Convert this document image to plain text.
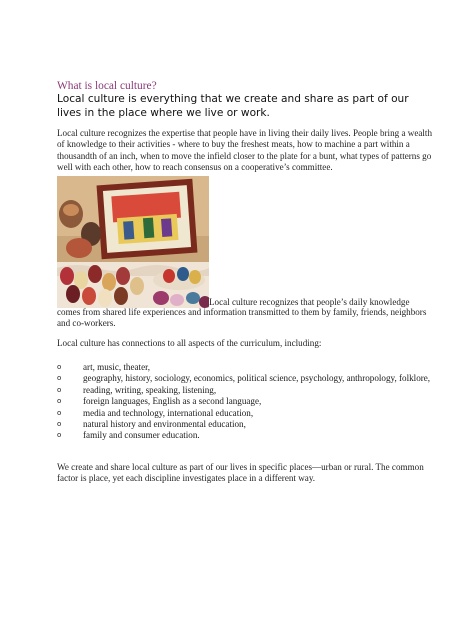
What is local culture?
Local culture is everything that we create and share as part of our lives in the place where we live or work.
Local culture recognizes the expertise that people have in living their daily lives. People bring a wealth of knowledge to their activities - where to buy the freshest meats, how to machine a part within a thousandth of an inch, when to move the infield closer to the plate for a bunt, what types of patterns go well with each other, how to reach consensus on a cooperative’s committee.
Local culture recognizes that people’s daily knowledge
comes from shared life experiences and information transmitted to them by family, friends, neighbors and co-workers.
Local culture has connections to all aspects of the curriculum, including:
o art, music, theater,
o geography, history, sociology, economics, political science, psychology, anthropology, folklore,
o reading, writing, speaking, listening,
o foreign languages, English as a second language,
o media and technology, international education,
o natural history and environmental education,
o family and consumer education.
We create and share local culture as part of our lives in specific places—urban or rural. The common factor is place, yet each discipline investigates place in a different way.
